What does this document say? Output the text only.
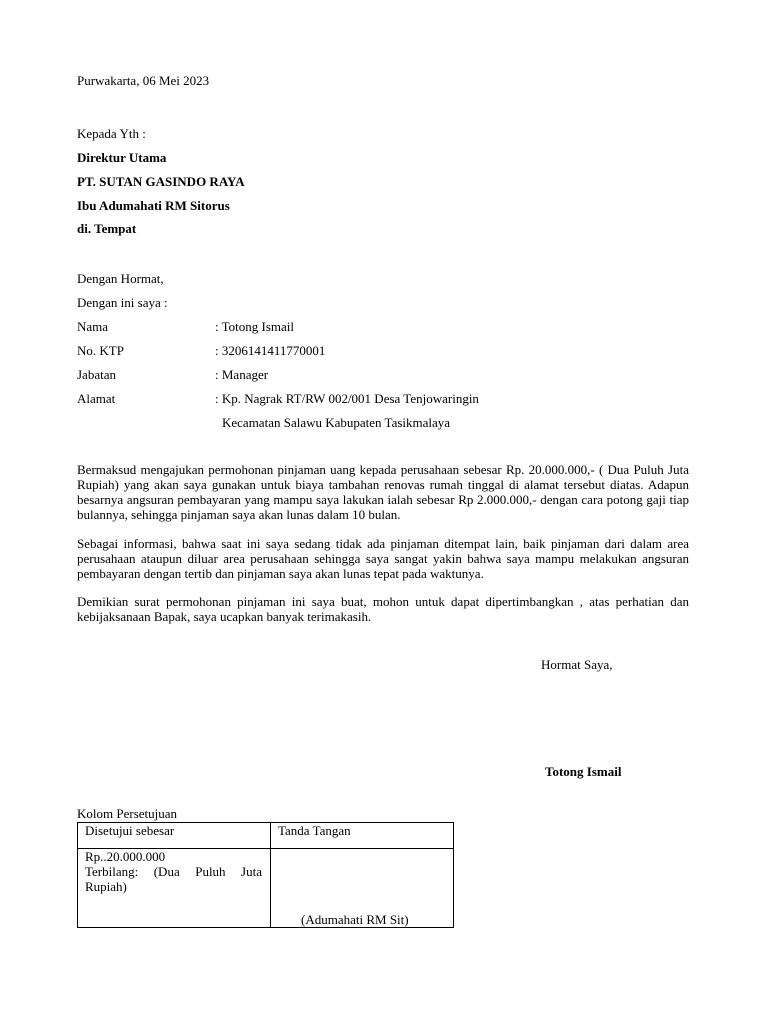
Purwakarta, 06 Mei 2023
Kepada Yth :
Direktur Utama
PT. SUTAN GASINDO RAYA
Ibu Adumahati RM Sitorus
di. Tempat
Dengan Hormat,
Dengan ini saya :
Nama	: Totong Ismail
No. KTP	: 3206141411770001
Jabatan	: Manager
Alamat	: Kp. Nagrak RT/RW 002/001 Desa Tenjowaringin
Kecamatan Salawu Kabupaten Tasikmalaya
Bermaksud mengajukan permohonan pinjaman uang kepada perusahaan sebesar Rp. 20.000.000,- ( Dua Puluh Juta Rupiah) yang akan saya gunakan untuk biaya tambahan renovas rumah tinggal di alamat tersebut diatas. Adapun besarnya angsuran pembayaran yang mampu saya lakukan ialah sebesar Rp 2.000.000,- dengan cara potong gaji tiap bulannya, sehingga pinjaman saya akan lunas dalam 10 bulan.
Sebagai informasi, bahwa saat ini saya sedang tidak ada pinjaman ditempat lain, baik pinjaman dari dalam area perusahaan ataupun diluar area perusahaan sehingga saya sangat yakin bahwa saya mampu melakukan angsuran pembayaran dengan tertib dan pinjaman saya akan lunas tepat pada waktunya.
Demikian surat permohonan pinjaman ini saya buat, mohon untuk dapat dipertimbangkan , atas perhatian dan kebijaksanaan Bapak, saya ucapkan banyak terimakasih.
Hormat Saya,
Totong Ismail
Kolom Persetujuan
Disetujui sebesar	Tanda Tangan

Rp..20.000.000
Terbilang: (Dua Puluh Juta Rupiah)	(Adumahati RM Sit)
